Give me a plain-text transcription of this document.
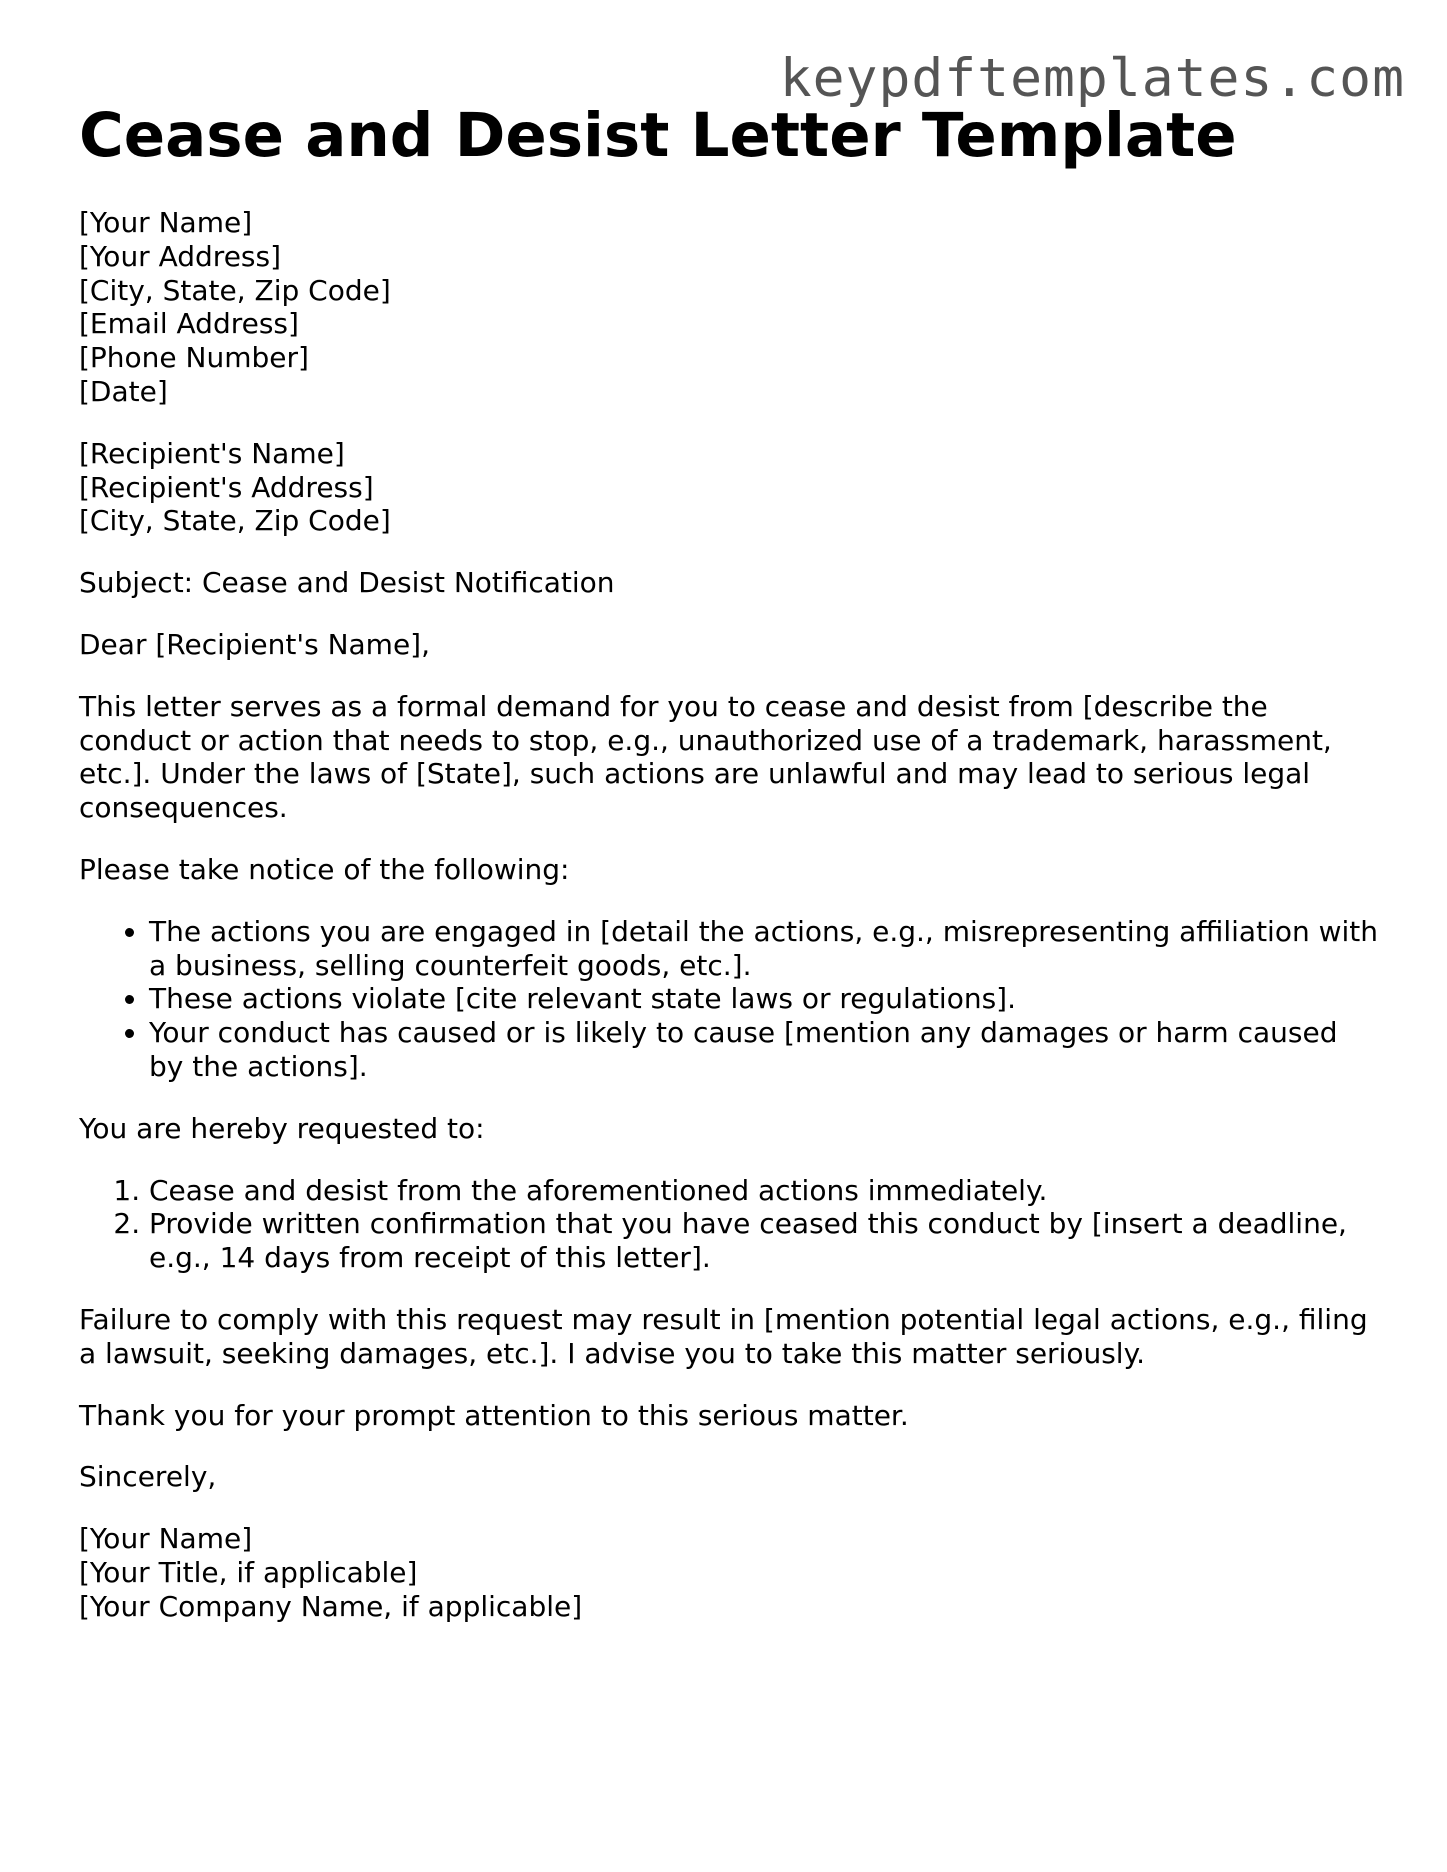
keypdftemplates.com
Cease and Desist Letter Template
[Your Name]
[Your Address]
[City, State, Zip Code]
[Email Address]
[Phone Number]
[Date]
[Recipient's Name]
[Recipient's Address]
[City, State, Zip Code]

Subject: Cease and Desist Notification

Dear [Recipient's Name],

This letter serves as a formal demand for you to cease and desist from [describe the conduct or action that needs to stop, e.g., unauthorized use of a trademark, harassment, etc.]. Under the laws of [State], such actions are unlawful and may lead to serious legal consequences.

Please take notice of the following:

• The actions you are engaged in [detail the actions, e.g., misrepresenting affiliation with a business, selling counterfeit goods, etc.].
• These actions violate [cite relevant state laws or regulations].
• Your conduct has caused or is likely to cause [mention any damages or harm caused by the actions].

You are hereby requested to:

1. Cease and desist from the aforementioned actions immediately.
2. Provide written confirmation that you have ceased this conduct by [insert a deadline, e.g., 14 days from receipt of this letter].

Failure to comply with this request may result in [mention potential legal actions, e.g., filing a lawsuit, seeking damages, etc.]. I advise you to take this matter seriously.

Thank you for your prompt attention to this serious matter.

Sincerely,

[Your Name]
[Your Title, if applicable]
[Your Company Name, if applicable]
